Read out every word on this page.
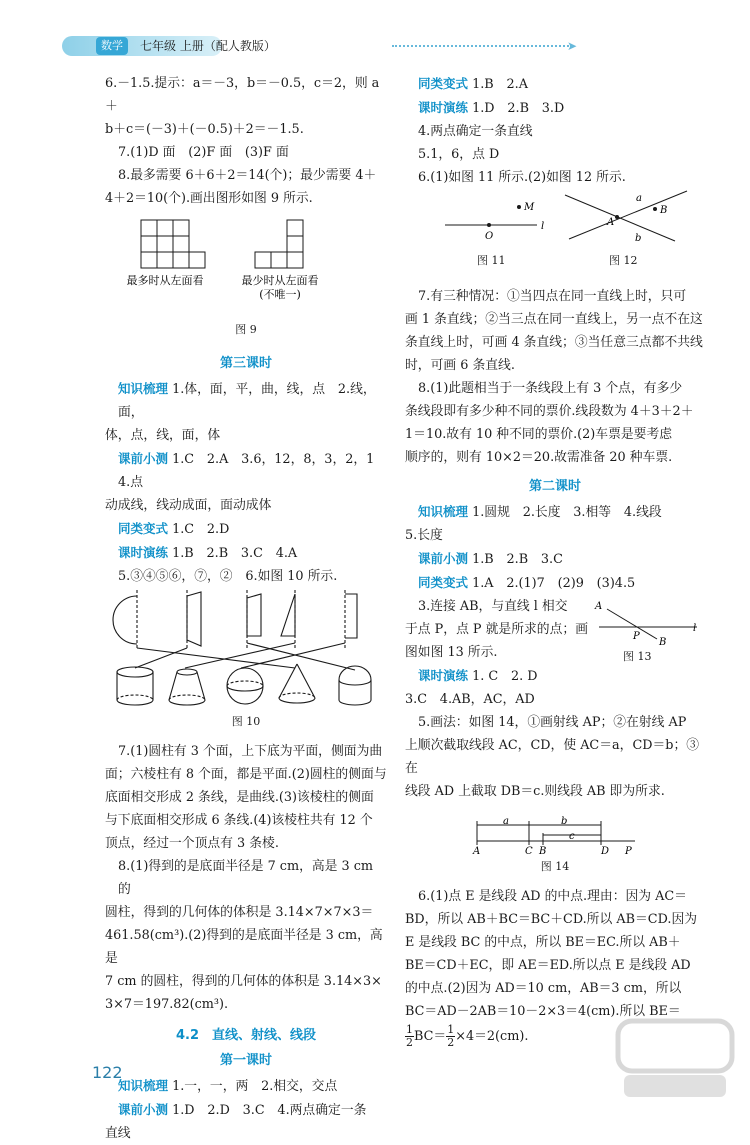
数学	七年级 上册（配人教版）	➤

6.－1.5.提示：a＝－3，b＝－0.5，c＝2，则 a＋

b＋c＝(－3)＋(－0.5)＋2＝－1.5.

7.(1)D 面　(2)F 面　(3)F 面

8.最多需要 6＋6＋2＝14(个)；最少需要 4＋

4＋2＝10(个).画出图形如图 9 所示.

最多时从左面看	最少时从左面看
(不唯一)

图 9

第三课时

知识梳理 1.体，面，平，曲，线，点　2.线，面，

体，点，线，面，体

课前小测 1.C　2.A　3.6，12，8，3，2，1　4.点

动成线，线动成面，面动成体

同类变式 1.C　2.D

课时演练 1.B　2.B　3.C　4.A

5.③④⑤⑥，⑦，②　6.如图 10 所示.

图 10

7.(1)圆柱有 3 个面，上下底为平面，侧面为曲

面；六棱柱有 8 个面，都是平面.(2)圆柱的侧面与

底面相交形成 2 条线，是曲线.(3)该棱柱的侧面

与下底面相交形成 6 条线.(4)该棱柱共有 12 个

顶点，经过一个顶点有 3 条棱.

8.(1)得到的是底面半径是 7 cm，高是 3 cm 的

圆柱，得到的几何体的体积是 3.14×7×7×3＝

461.58(cm³).(2)得到的是底面半径是 3 cm，高是

7 cm 的圆柱，得到的几何体的体积是 3.14×3×

3×7＝197.82(cm³).

4.2　直线、射线、线段

第一课时

知识梳理 1.一，一，两　2.相交，交点

课前小测 1.D　2.D　3.C　4.两点确定一条

直线

同类变式 1.B　2.A

课时演练 1.D　2.B　3.D

4.两点确定一条直线

5.1，6，点 D

6.(1)如图 11 所示.(2)如图 12 所示.

M
O
l
a
A
B
b
图 11	图 12

7.有三种情况：①当四点在同一直线上时，只可

画 1 条直线；②当三点在同一直线上，另一点不在这

条直线上时，可画 4 条直线；③当任意三点都不共线

时，可画 6 条直线.

8.(1)此题相当于一条线段上有 3 个点，有多少

条线段即有多少种不同的票价.线段数为 4＋3＋2＋

1＝10.故有 10 种不同的票价.(2)车票是要考虑

顺序的，则有 10×2＝20.故需准备 20 种车票.

第二课时

知识梳理 1.圆规　2.长度　3.相等　4.线段

5.长度

课前小测 1.B　2.B　3.C

同类变式 1.A　2.(1)7　(2)9　(3)4.5

3.连接 AB，与直线 l 相交

于点 P，点 P 就是所求的点；画

图如图 13 所示.

A
P
B
l
图 13

课时演练 1. C　2. D

3.C　4.AB，AC，AD

5.画法：如图 14，①画射线 AP；②在射线 AP

上顺次截取线段 AC，CD，使 AC＝a，CD＝b；③在

线段 AD 上截取 DB＝c.则线段 AB 即为所求.

a	b
c
A	C B	D P

图 14

6.(1)点 E 是线段 AD 的中点.理由：因为 AC＝

BD，所以 AB＋BC＝BC＋CD.所以 AB＝CD.因为

E 是线段 BC 的中点，所以 BE＝EC.所以 AB＋

BE＝CD＋EC，即 AE＝ED.所以点 E 是线段 AD

的中点.(2)因为 AD＝10 cm，AB＝3 cm，所以

BC＝AD－2AB＝10－2×3＝4(cm).所以 BE＝

$\frac{1}{2} BC= \frac{1}{2} \times 4=2(cm)$.

122
